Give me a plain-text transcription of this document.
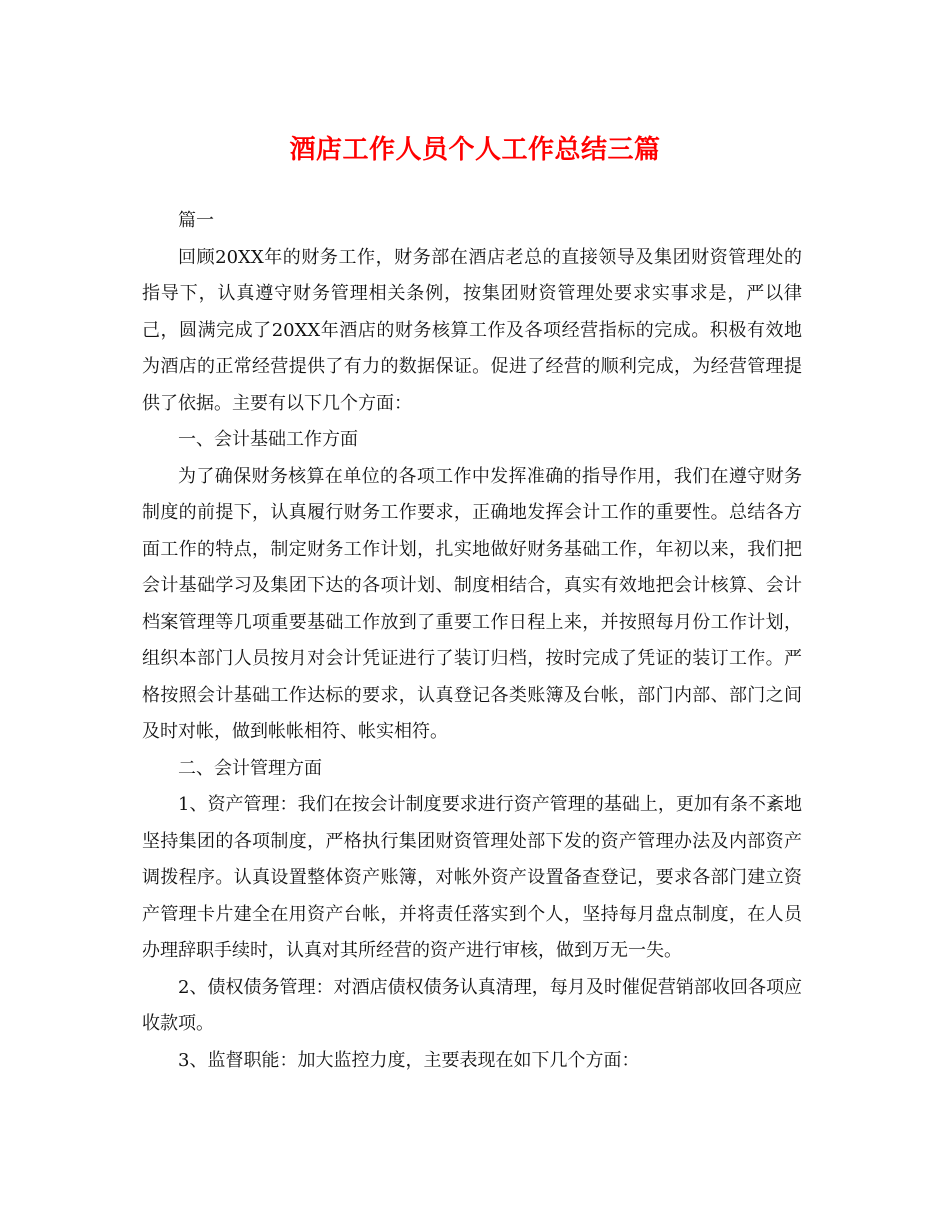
酒店工作人员个人工作总结三篇

篇一

回顾20XX年的财务工作，财务部在酒店老总的直接领导及集团财资管理处的指导下，认真遵守财务管理相关条例，按集团财资管理处要求实事求是，严以律己，圆满完成了20XX年酒店的财务核算工作及各项经营指标的完成。积极有效地为酒店的正常经营提供了有力的数据保证。促进了经营的顺利完成，为经营管理提供了依据。主要有以下几个方面：

一、会计基础工作方面

为了确保财务核算在单位的各项工作中发挥准确的指导作用，我们在遵守财务制度的前提下，认真履行财务工作要求，正确地发挥会计工作的重要性。总结各方面工作的特点，制定财务工作计划，扎实地做好财务基础工作，年初以来，我们把会计基础学习及集团下达的各项计划、制度相结合，真实有效地把会计核算、会计档案管理等几项重要基础工作放到了重要工作日程上来，并按照每月份工作计划，组织本部门人员按月对会计凭证进行了装订归档，按时完成了凭证的装订工作。严格按照会计基础工作达标的要求，认真登记各类账簿及台帐，部门内部、部门之间及时对帐，做到帐帐相符、帐实相符。

二、会计管理方面

1、资产管理：我们在按会计制度要求进行资产管理的基础上，更加有条不紊地坚持集团的各项制度，严格执行集团财资管理处部下发的资产管理办法及内部资产调拨程序。认真设置整体资产账簿，对帐外资产设置备查登记，要求各部门建立资产管理卡片建全在用资产台帐，并将责任落实到个人，坚持每月盘点制度，在人员办理辞职手续时，认真对其所经营的资产进行审核，做到万无一失。

2、债权债务管理：对酒店债权债务认真清理，每月及时催促营销部收回各项应收款项。

3、监督职能：加大监控力度，主要表现在如下几个方面：
